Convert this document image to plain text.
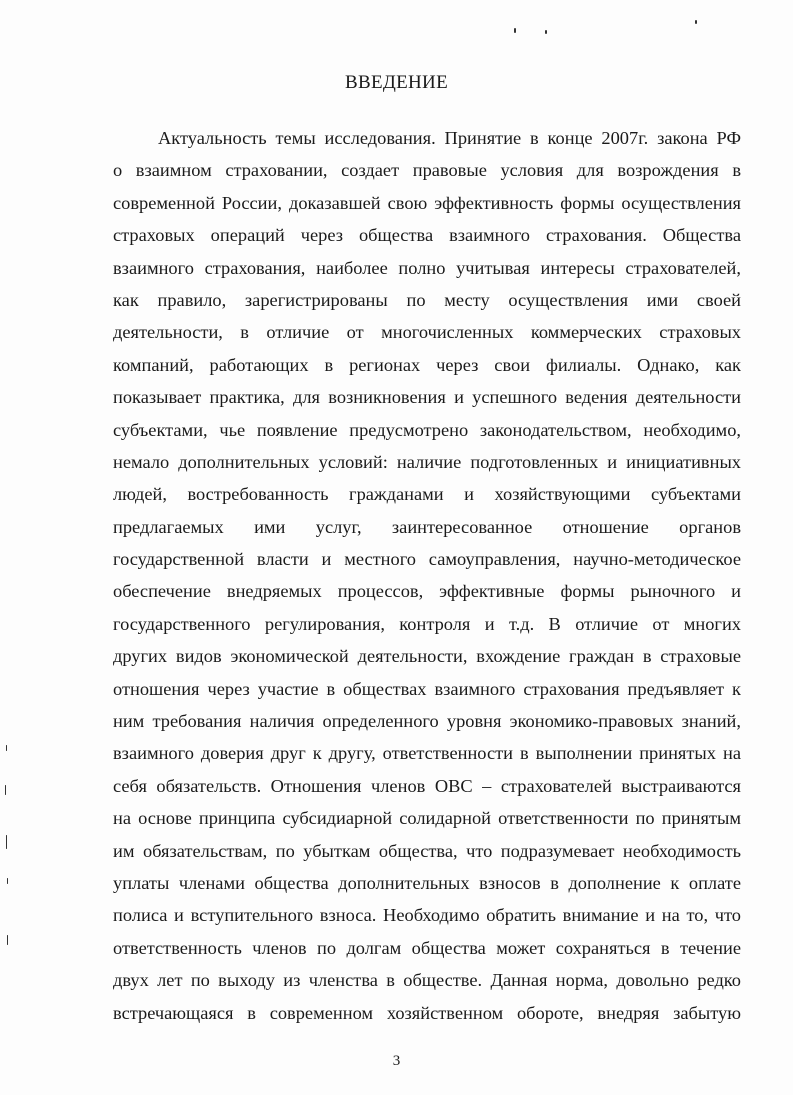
ВВЕДЕНИЕ
Актуальность темы исследования. Принятие в конце 2007г. закона РФ
о взаимном страховании, создает правовые условия для возрождения в
современной России, доказавшей свою эффективность формы осуществления
страховых операций через общества взаимного страхования. Общества
взаимного страхования, наиболее полно учитывая интересы страхователей,
как правило, зарегистрированы по месту осуществления ими своей
деятельности, в отличие от многочисленных коммерческих страховых
компаний, работающих в регионах через свои филиалы. Однако, как
показывает практика, для возникновения и успешного ведения деятельности
субъектами, чье появление предусмотрено законодательством, необходимо,
немало дополнительных условий: наличие подготовленных и инициативных
людей, востребованность гражданами и хозяйствующими субъектами
предлагаемых ими услуг, заинтересованное отношение органов
государственной власти и местного самоуправления, научно-методическое
обеспечение внедряемых процессов, эффективные формы рыночного и
государственного регулирования, контроля и т.д. В отличие от многих
других видов экономической деятельности, вхождение граждан в страховые
отношения через участие в обществах взаимного страхования предъявляет к
ним требования наличия определенного уровня экономико-правовых знаний,
взаимного доверия друг к другу, ответственности в выполнении принятых на
себя обязательств. Отношения членов ОВС – страхователей выстраиваются
на основе принципа субсидиарной солидарной ответственности по принятым
им обязательствам, по убыткам общества, что подразумевает необходимость
уплаты членами общества дополнительных взносов в дополнение к оплате
полиса и вступительного взноса. Необходимо обратить внимание и на то, что
ответственность членов по долгам общества может сохраняться в течение
двух лет по выходу из членства в обществе. Данная норма, довольно редко
встречающаяся в современном хозяйственном обороте, внедряя забытую
3
